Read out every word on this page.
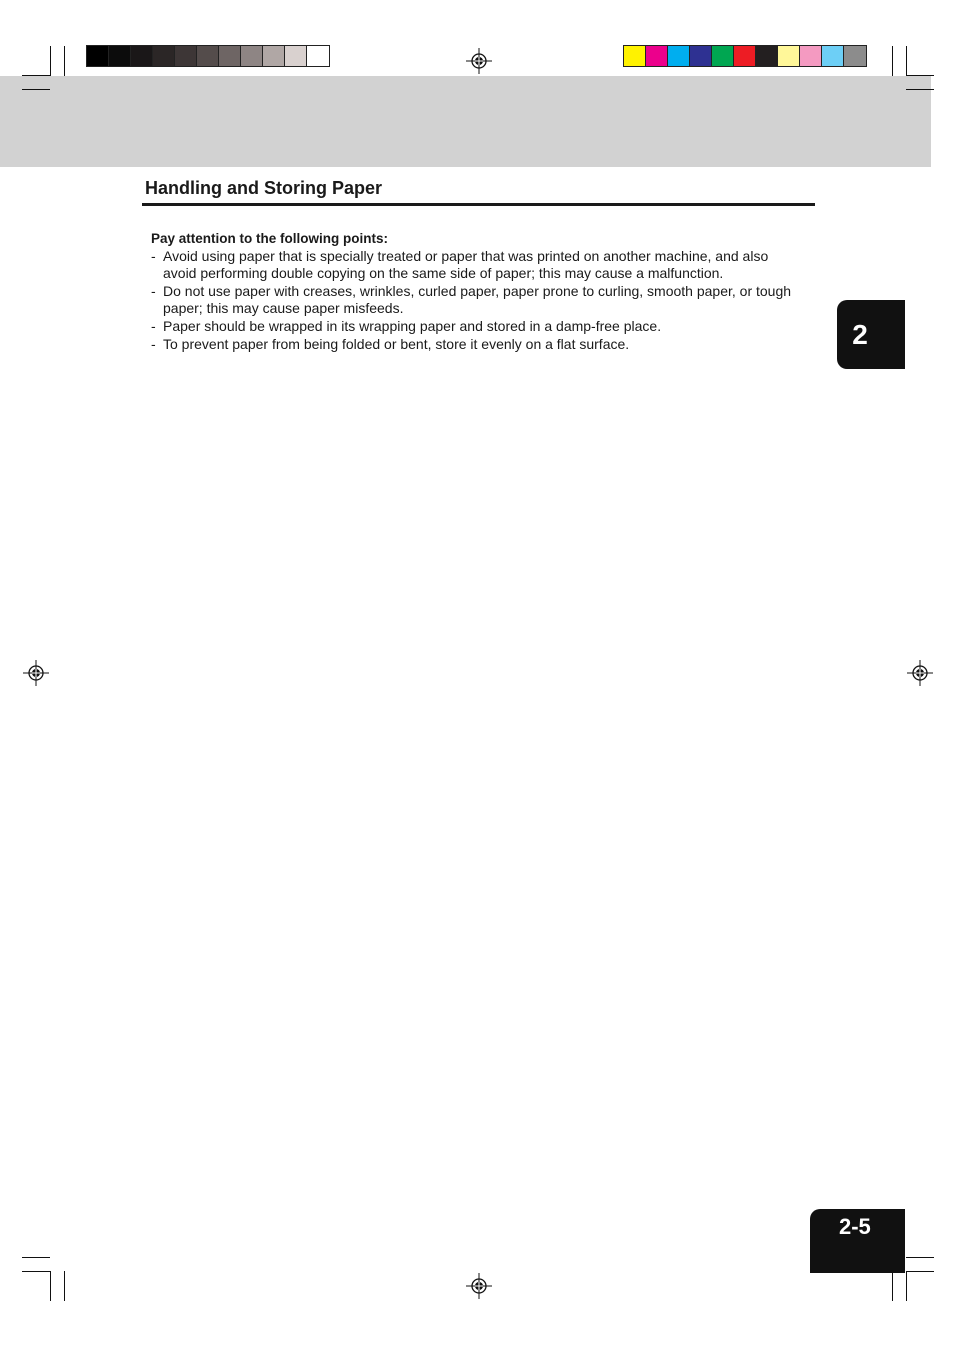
Handling and Storing Paper

Pay attention to the following points:

- Avoid using paper that is specially treated or paper that was printed on another machine, and also avoid performing double copying on the same side of paper; this may cause a malfunction.
- Do not use paper with creases, wrinkles, curled paper, paper prone to curling, smooth paper, or tough paper; this may cause paper misfeeds.
- Paper should be wrapped in its wrapping paper and stored in a damp-free place.
- To prevent paper from being folded or bent, store it evenly on a flat surface.	2
2-5
